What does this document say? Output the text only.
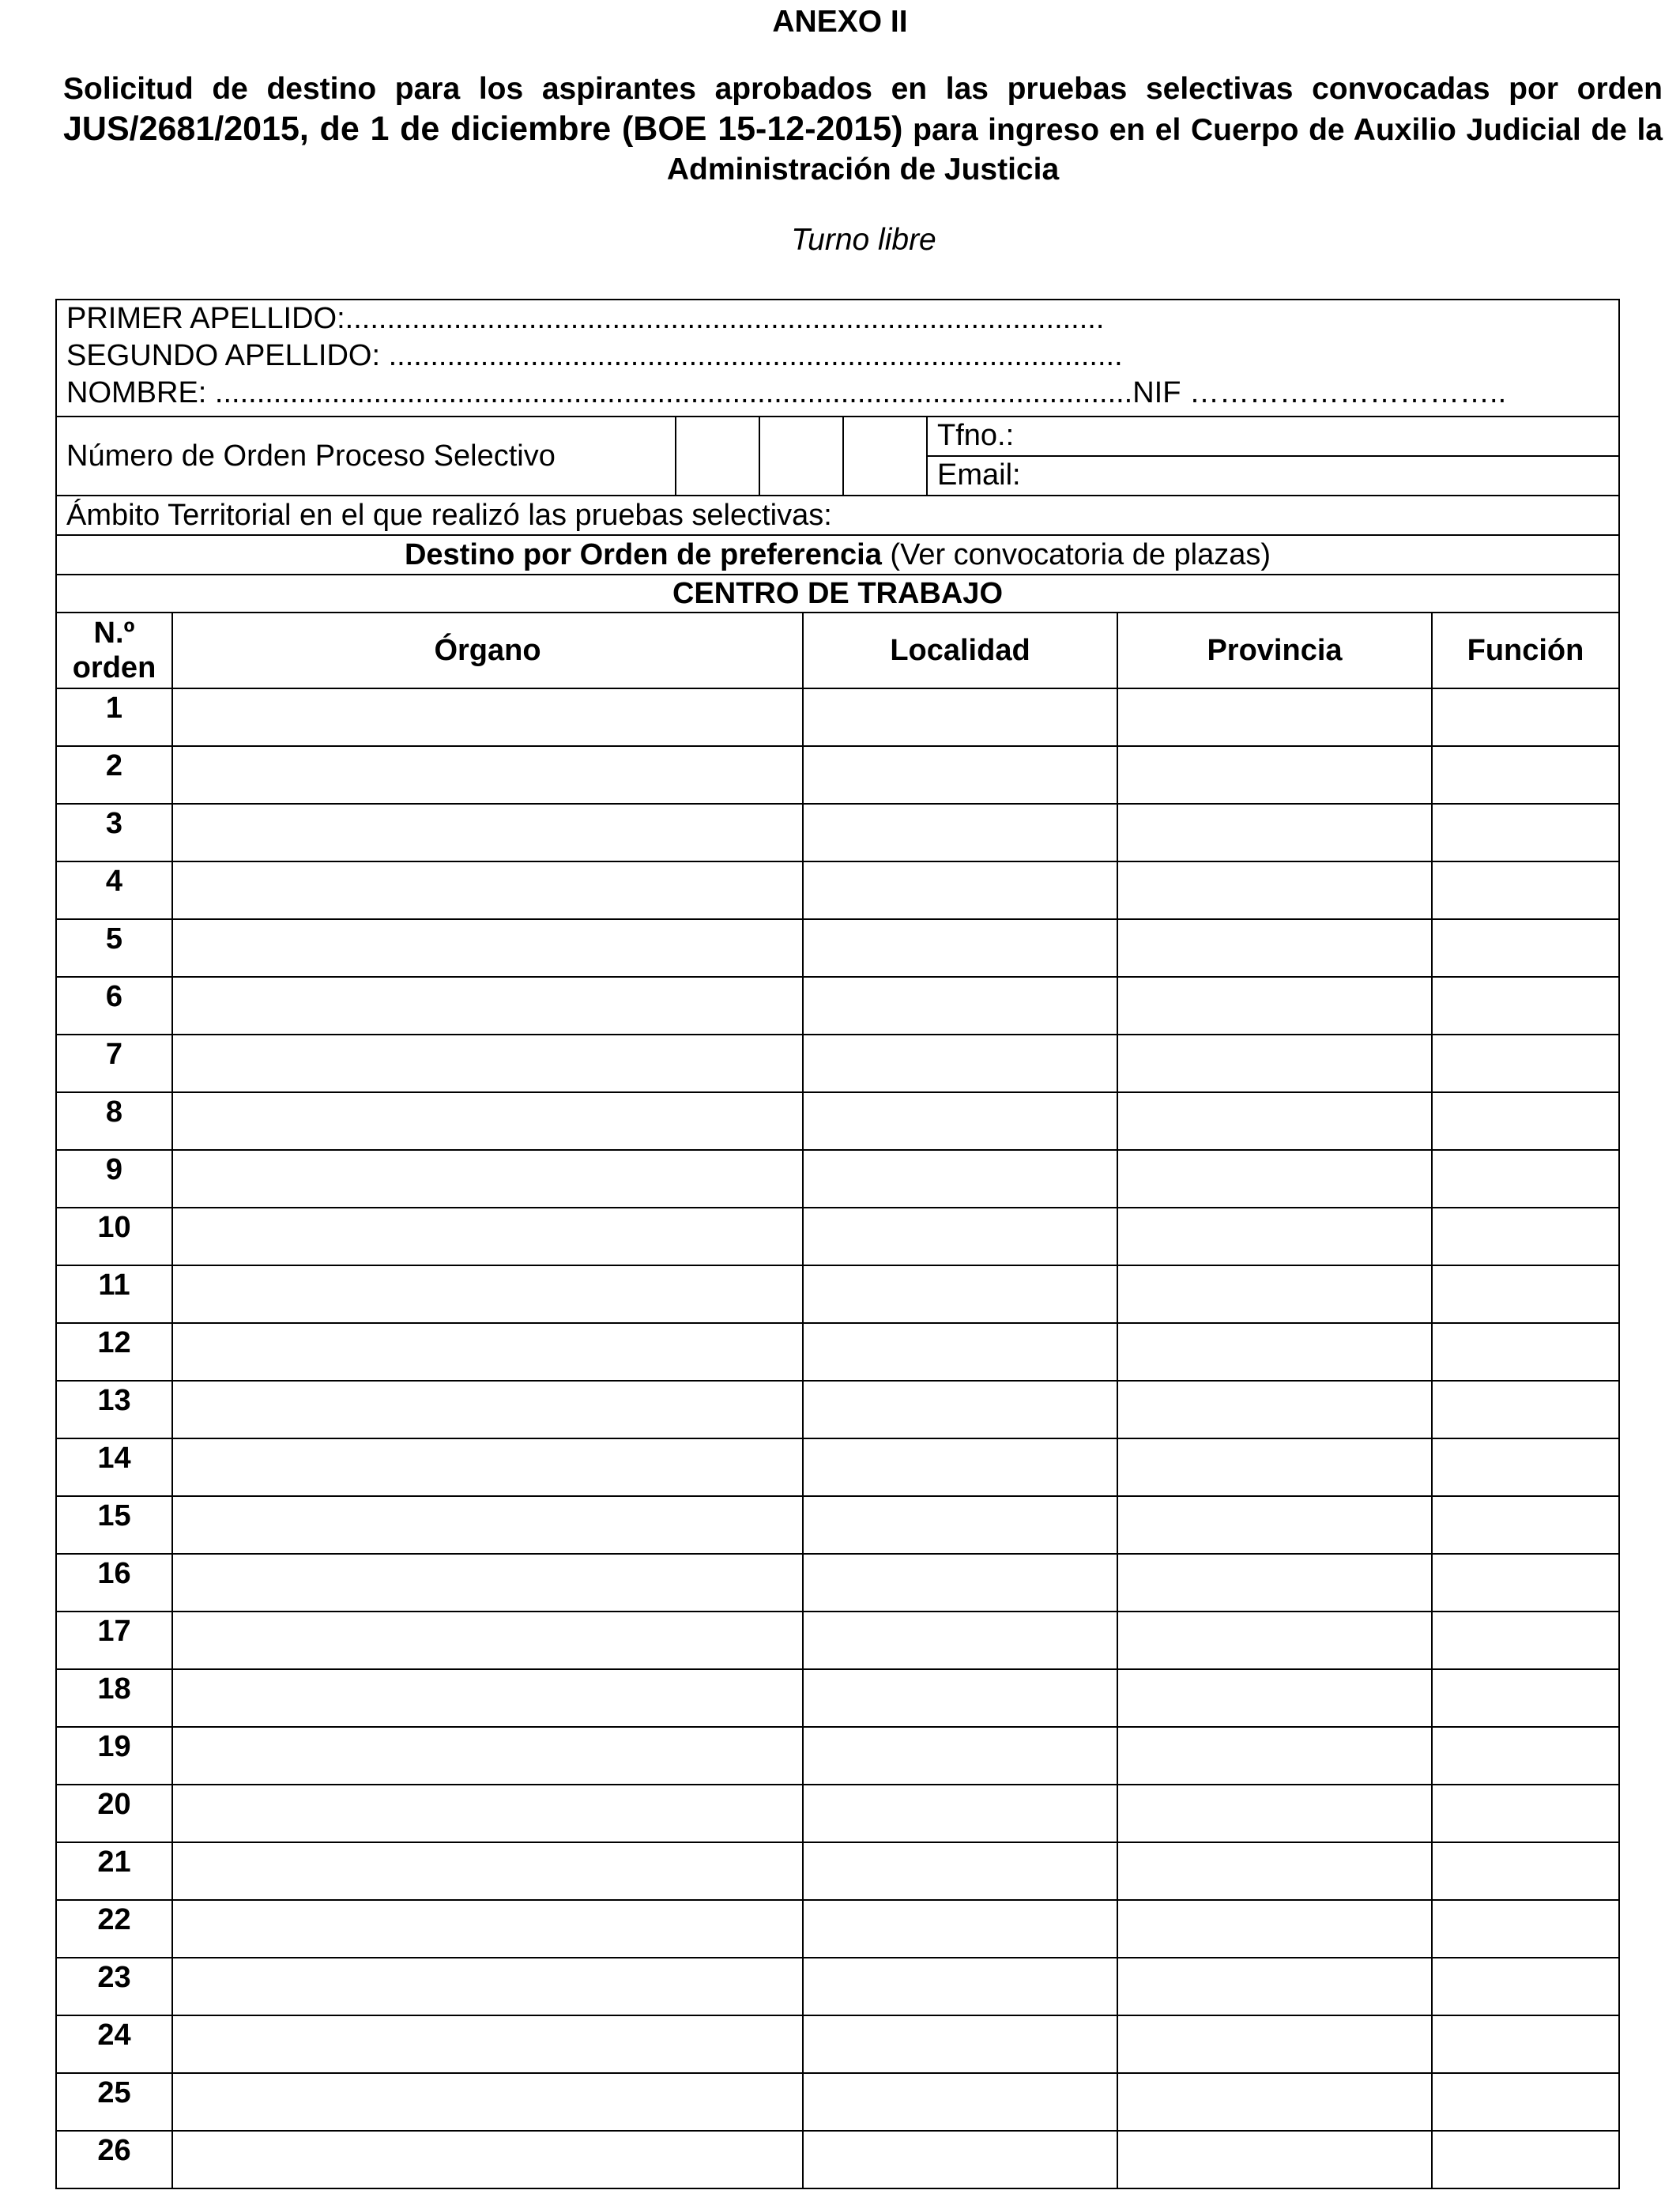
ANEXO II
Solicitud de destino para los aspirantes aprobados en las pruebas selectivas convocadas por orden JUS/2681/2015, de 1 de diciembre (BOE 15-12-2015) para ingreso en el Cuerpo de Auxilio Judicial de la Administración de Justicia
Turno libre
PRIMER APELLIDO:...........................................................................................
SEGUNDO APELLIDO: ........................................................................................
NOMBRE: ..............................................................................................................NIF …………………………..
Número de Orden Proceso Selectivo
Tfno.:
Email:
Ámbito Territorial en el que realizó las pruebas selectivas:
Destino por Orden de preferencia (Ver convocatoria de plazas)
CENTRO DE TRABAJO
N.º orden	Órgano	Localidad	Provincia	Función
1				
2				
3				
4				
5				
6				
7				
8				
9				
10				
11				
12				
13				
14				
15				
16				
17				
18				
19				
20				
21				
22				
23				
24				
25				
26				
